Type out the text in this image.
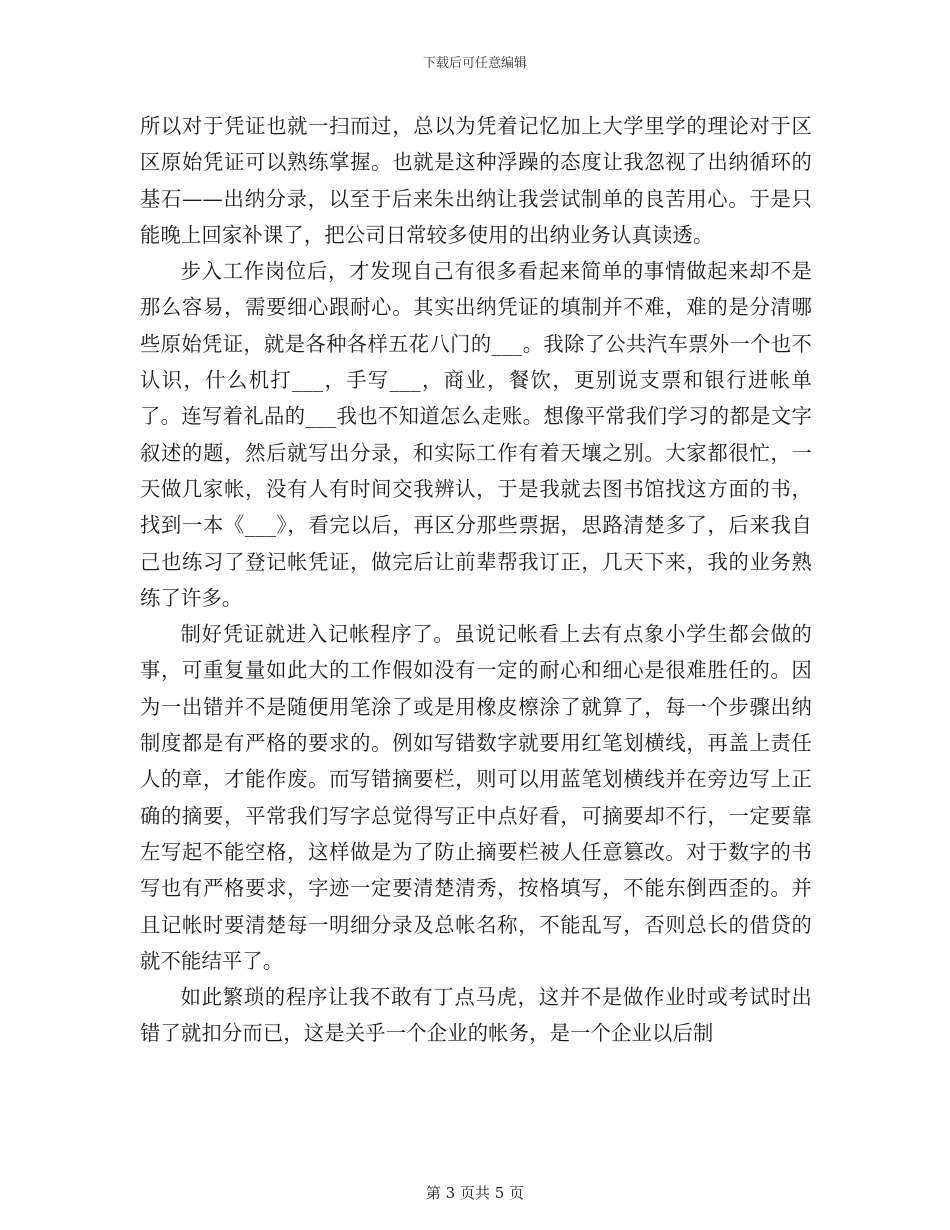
下载后可任意编辑

所以对于凭证也就一扫而过，总以为凭着记忆加上大学里学的理论对于区区原始凭证可以熟练掌握。也就是这种浮躁的态度让我忽视了出纳循环的基石——出纳分录，以至于后来朱出纳让我尝试制单的良苦用心。于是只能晚上回家补课了，把公司日常较多使用的出纳业务认真读透。

步入工作岗位后，才发现自己有很多看起来简单的事情做起来却不是那么容易，需要细心跟耐心。其实出纳凭证的填制并不难，难的是分清哪些原始凭证，就是各种各样五花八门的___。我除了公共汽车票外一个也不认识，什么机打___，手写___，商业，餐饮，更别说支票和银行进帐单了。连写着礼品的___我也不知道怎么走账。想像平常我们学习的都是文字叙述的题，然后就写出分录，和实际工作有着天壤之别。大家都很忙，一天做几家帐，没有人有时间交我辨认，于是我就去图书馆找这方面的书，找到一本《___》，看完以后，再区分那些票据，思路清楚多了，后来我自己也练习了登记帐凭证，做完后让前辈帮我订正，几天下来，我的业务熟练了许多。

制好凭证就进入记帐程序了。虽说记帐看上去有点象小学生都会做的事，可重复量如此大的工作假如没有一定的耐心和细心是很难胜任的。因为一出错并不是随便用笔涂了或是用橡皮檫涂了就算了，每一个步骤出纳制度都是有严格的要求的。例如写错数字就要用红笔划横线，再盖上责任人的章，才能作废。而写错摘要栏，则可以用蓝笔划横线并在旁边写上正确的摘要，平常我们写字总觉得写正中点好看，可摘要却不行，一定要靠左写起不能空格，这样做是为了防止摘要栏被人任意篡改。对于数字的书写也有严格要求，字迹一定要清楚清秀，按格填写，不能东倒西歪的。并且记帐时要清楚每一明细分录及总帐名称，不能乱写，否则总长的借贷的就不能结平了。

如此繁琐的程序让我不敢有丁点马虎，这并不是做作业时或考试时出错了就扣分而已，这是关乎一个企业的帐务，是一个企业以后制

第 3 页共 5 页
